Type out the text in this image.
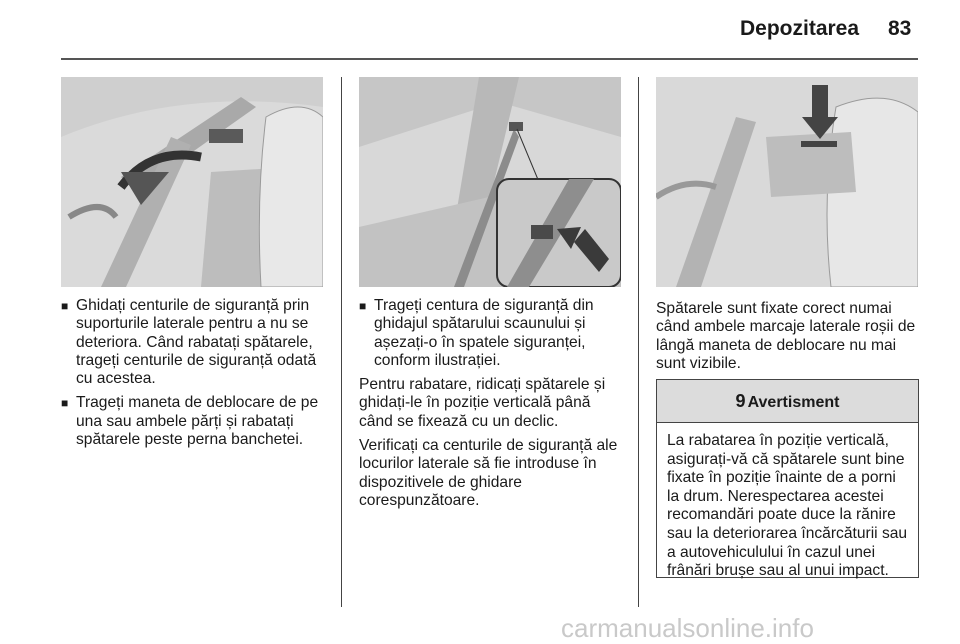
Depozitarea 83
■ Ghidați centurile de siguranță prin suporturile laterale pentru a nu se deteriora. Când rabatați spătarele, trageți centurile de siguranță odată cu acestea.
■ Trageți maneta de deblocare de pe una sau ambele părți și rabatați spătarele peste perna banchetei.
■ Trageți centura de siguranță din ghidajul spătarului scaunului și așezați-o în spatele siguranței, conform ilustrației.

Pentru rabatare, ridicați spătarele și ghidați-le în poziție verticală până când se fixează cu un declic.

Verificați ca centurile de siguranță ale locurilor laterale să fie introduse în dispozitivele de ghidare corespunzătoare.

Spătarele sunt fixate corect numai când ambele marcaje laterale roșii de lângă maneta de deblocare nu mai sunt vizibile.

9 Avertisment
La rabatarea în poziție verticală, asigurați-vă că spătarele sunt bine fixate în poziție înainte de a porni la drum. Nerespectarea acestei recomandări poate duce la rănire sau la deteriorarea încărcăturii sau a autovehiculului în cazul unei frânări brușe sau al unui impact.
carmanualsonline.info
